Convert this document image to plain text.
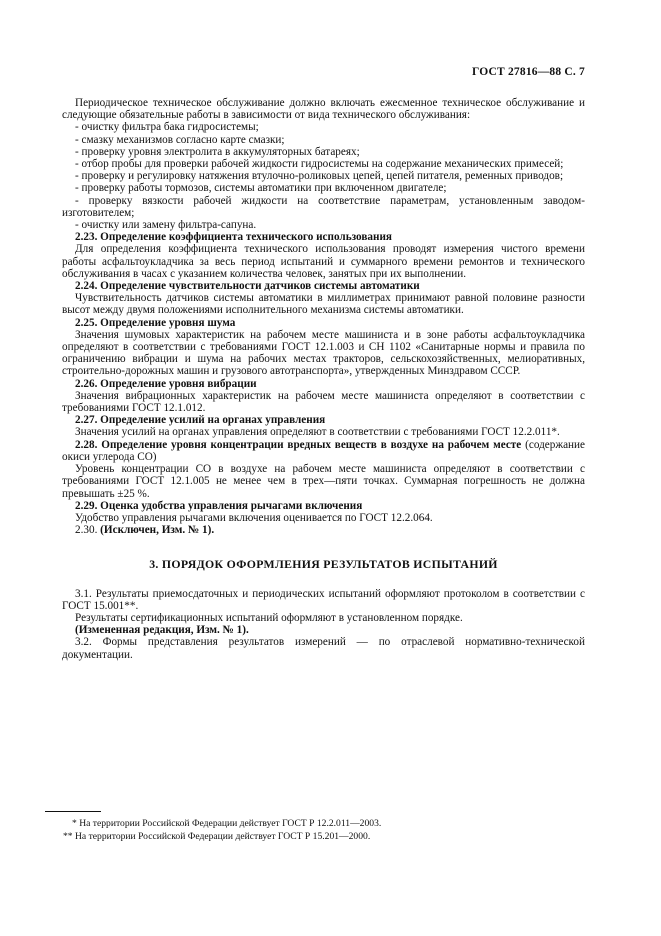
ГОСТ 27816—88 С. 7

Периодическое техническое обслуживание должно включать ежесменное техническое обслуживание и следующие обязательные работы в зависимости от вида технического обслуживания:

- очистку фильтра бака гидросистемы;

- смазку механизмов согласно карте смазки;

- проверку уровня электролита в аккумуляторных батареях;

- отбор пробы для проверки рабочей жидкости гидросистемы на содержание механических примесей;

- проверку и регулировку натяжения втулочно-роликовых цепей, цепей питателя, ременных приводов;

- проверку работы тормозов, системы автоматики при включенном двигателе;

- проверку вязкости рабочей жидкости на соответствие параметрам, установленным заводом-изготовителем;

- очистку или замену фильтра-сапуна.

2.23. Определение коэффициента технического использования

Для определения коэффициента технического использования проводят измерения чистого времени работы асфальтоукладчика за весь период испытаний и суммарного времени ремонтов и технического обслуживания в часах с указанием количества человек, занятых при их выполнении.

2.24. Определение чувствительности датчиков системы автоматики

Чувствительность датчиков системы автоматики в миллиметрах принимают равной половине разности высот между двумя положениями исполнительного механизма системы автоматики.

2.25. Определение уровня шума

Значения шумовых характеристик на рабочем месте машиниста и в зоне работы асфальтоукладчика определяют в соответствии с требованиями ГОСТ 12.1.003 и СН 1102 «Санитарные нормы и правила по ограничению вибрации и шума на рабочих местах тракторов, сельскохозяйственных, мелиоративных, строительно-дорожных машин и грузового автотранспорта», утвержденных Минздравом СССР.

2.26. Определение уровня вибрации

Значения вибрационных характеристик на рабочем месте машиниста определяют в соответствии с требованиями ГОСТ 12.1.012.

2.27. Определение усилий на органах управления

Значения усилий на органах управления определяют в соответствии с требованиями ГОСТ 12.2.011*.

2.28. Определение уровня концентрации вредных веществ в воздухе на рабочем месте (содержание окиси углерода СО)

Уровень концентрации СО в воздухе на рабочем месте машиниста определяют в соответствии с требованиями ГОСТ 12.1.005 не менее чем в трех—пяти точках. Суммарная погрешность не должна превышать ±25 %.

2.29. Оценка удобства управления рычагами включения

Удобство управления рычагами включения оценивается по ГОСТ 12.2.064.

2.30. (Исключен, Изм. № 1).

3. ПОРЯДОК ОФОРМЛЕНИЯ РЕЗУЛЬТАТОВ ИСПЫТАНИЙ

3.1. Результаты приемосдаточных и периодических испытаний оформляют протоколом в соответствии с ГОСТ 15.001**.

Результаты сертификационных испытаний оформляют в установленном порядке.

(Измененная редакция, Изм. № 1).

3.2. Формы представления результатов измерений — по отраслевой нормативно-технической документации.

* На территории Российской Федерации действует ГОСТ Р 12.2.011—2003.

** На территории Российской Федерации действует ГОСТ Р 15.201—2000.
